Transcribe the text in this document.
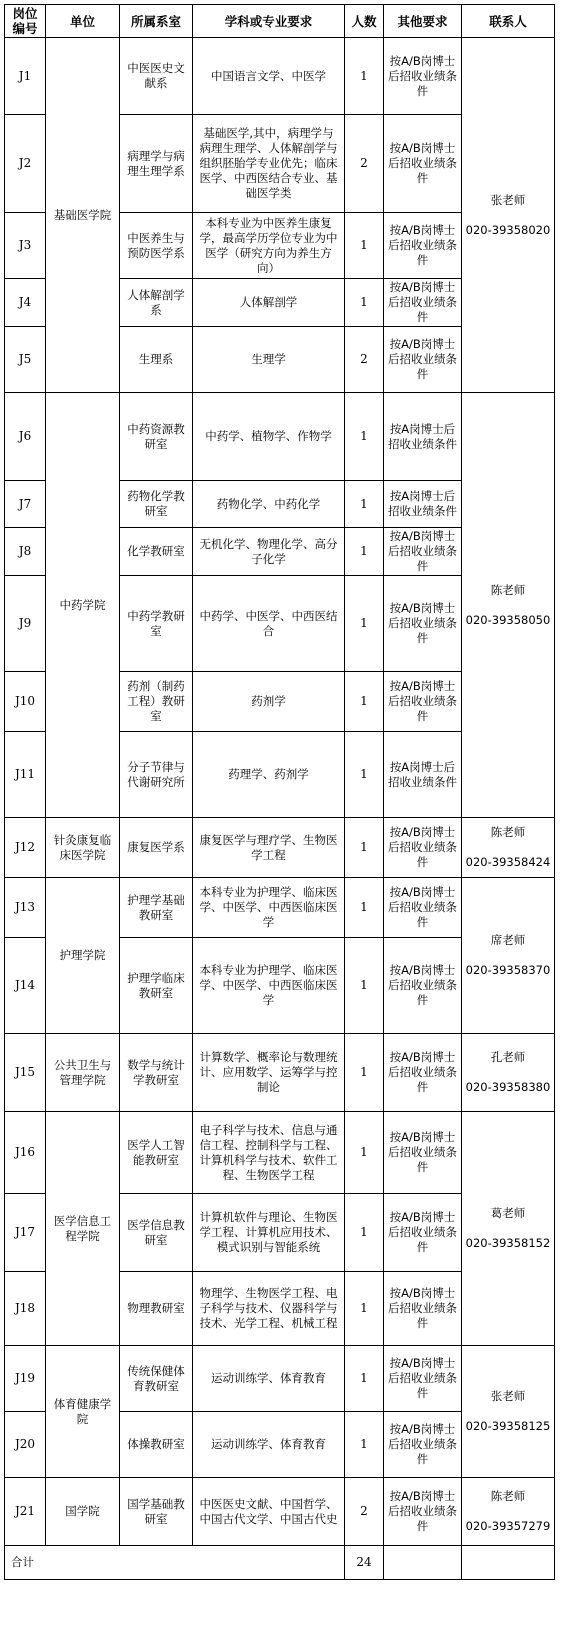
岗位编号	单位	所属系室	学科或专业要求	人数	其他要求	联系人
J1	基础医学院	中医医史文献系	中国语言文学、中医学	1	按A/B岗博士后招收业绩条件	张老师

020-39358020
J2		病理学与病理生理学系	基础医学,其中，病理学与病理生理学、人体解剖学与组织胚胎学专业优先；临床医学、中西医结合专业、基础医学类	2	按A/B岗博士后招收业绩条件	
J3		中医养生与预防医学系	本科专业为中医养生康复学，最高学历学位专业为中医学（研究方向为养生方向）	1	按A/B岗博士后招收业绩条件	
J4		人体解剖学系	人体解剖学	1	按A/B岗博士后招收业绩条件	
J5		生理系	生理学	2	按A/B岗博士后招收业绩条件	
J6	中药学院	中药资源教研室	中药学、植物学、作物学	1	按A岗博士后招收业绩条件	陈老师

020-39358050
J7		药物化学教研室	药物化学、中药化学	1	按A岗博士后招收业绩条件	
J8		化学教研室	无机化学、物理化学、高分子化学	1	按A/B岗博士后招收业绩条件	
J9		中药学教研室	中药学、中医学、中西医结合	1	按A/B岗博士后招收业绩条件	
J10		药剂（制药工程）教研室	药剂学	1	按A/B岗博士后招收业绩条件	
J11		分子节律与代谢研究所	药理学、药剂学	1	按A岗博士后招收业绩条件	
J12	针灸康复临床医学院	康复医学系	康复医学与理疗学、生物医学工程	1	按A/B岗博士后招收业绩条件	陈老师

020-39358424
J13	护理学院	护理学基础教研室	本科专业为护理学、临床医学、中医学、中西医临床医学	1	按A/B岗博士后招收业绩条件	席老师

020-39358370
J14		护理学临床教研室	本科专业为护理学、临床医学、中医学、中西医临床医学	1	按A/B岗博士后招收业绩条件	
J15	公共卫生与管理学院	数学与统计学教研室	计算数学、概率论与数理统计、应用数学、运筹学与控制论	1	按A/B岗博士后招收业绩条件	孔老师

020-39358380
J16	医学信息工程学院	医学人工智能教研室	电子科学与技术、信息与通信工程、控制科学与工程、计算机科学与技术、软件工程、生物医学工程	1	按A/B岗博士后招收业绩条件	葛老师

020-39358152
J17		医学信息教研室	计算机软件与理论、生物医学工程、计算机应用技术、模式识别与智能系统	1	按A/B岗博士后招收业绩条件	
J18		物理教研室	物理学、生物医学工程、电子科学与技术、仪器科学与技术、光学工程、机械工程	1	按A/B岗博士后招收业绩条件	
J19	体育健康学院	传统保健体育教研室	运动训练学、体育教育	1	按A/B岗博士后招收业绩条件	张老师

020-39358125
J20		体操教研室	运动训练学、体育教育	1	按A/B岗博士后招收业绩条件	
J21	国学院	国学基础教研室	中医医史文献、中国哲学、中国古代文学、中国古代史	2	按A/B岗博士后招收业绩条件	陈老师

020-39357279
合计				24		
